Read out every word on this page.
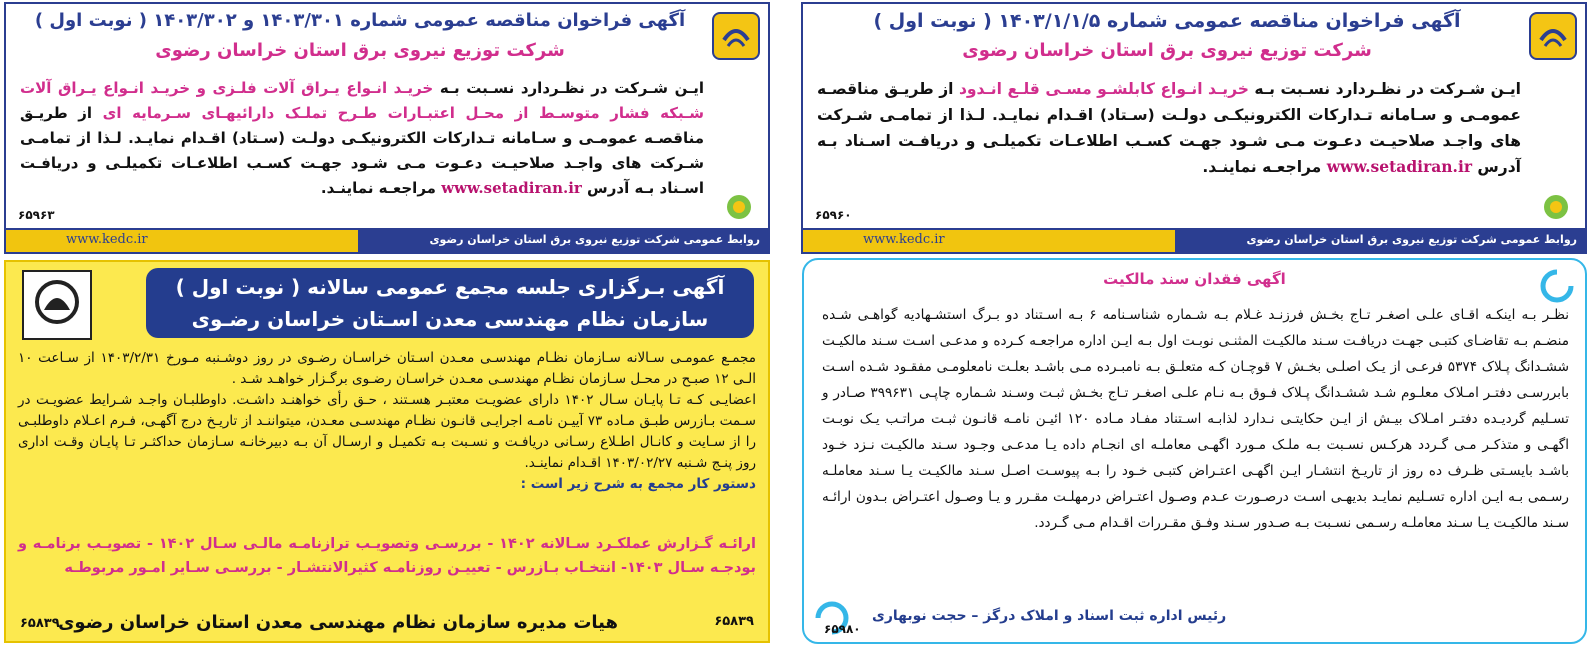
آگهی فراخوان مناقصه عمومی شماره ۱۴۰۳/۱/۱/۵ ( نوبت اول )
شرکت توزیع نیروی برق استان خراسان رضوی
ایـن شـرکت در نظـردارد نسـبت بـه خریـد انـواع کابلشـو مسـی قلـع انـدود از طریـق مناقصـه عمومـی و سـامانه تـدارکات الکترونیکـی دولـت (سـتاد) اقـدام نمایـد. لـذا از تمامـی شـرکت های واجـد صلاحیـت دعـوت مـی شـود جهـت کسـب اطلاعـات تکمیلـی و دریافـت اسـناد بـه آدرس www.setadiran.ir مراجعـه نماینـد.
۶۵۹۶۰
روابط عمومی شرکت توزیع نیروی برق استان خراسان رضوی
www.kedc.ir
آگهی فراخوان مناقصه عمومی شماره ۱۴۰۳/۳۰۱ و ۱۴۰۳/۳۰۲ ( نوبت اول )
شرکت توزیع نیروی برق استان خراسان رضوی
ایـن شـرکت در نظـردارد نسـبت بـه خریـد انـواع یـراق آلات فلـزی و خریـد انـواع یـراق آلات شـبکه فشار متوسـط از محـل اعتبـارات طـرح تملـک دارائیهـای سـرمایه ای از طریـق مناقصـه عمومـی و سـامانه تـدارکات الکترونیکـی دولـت (سـتاد) اقـدام نمایـد. لـذا از تمامـی شـرکت های واجـد صلاحیـت دعـوت مـی شـود جهـت کسـب اطلاعـات تکمیلـی و دریافـت اسـناد بـه آدرس www.setadiran.ir مراجعـه نماینـد.
۶۵۹۶۳
روابط عمومی شرکت توزیع نیروی برق استان خراسان رضوی
www.kedc.ir
آگهی بـرگزاری جلسه مجمع عمومی سالانه ( نوبت اول )
سازمان نظام مهندسی معدن اسـتان خراسان رضـوی
مجمـع عمومـی سـالانه سـازمان نظـام مهندسـی معـدن اسـتان خراسـان رضـوی در روز دوشـنبه مـورخ ۱۴۰۳/۲/۳۱ از سـاعت ۱۰ الـی ۱۲ صبـح در محـل سـازمان نظـام مهندسـی معـدن خراسـان رضـوی برگـزار خواهـد شـد .
اعضایـی کـه تـا پایـان سـال ۱۴۰۲ دارای عضویـت معتبـر هسـتند ، حـق رأی خواهنـد داشـت. داوطلبـان واجـد شـرایط عضویـت در سـمت بـازرس طبـق مـاده ۷۳ آییـن نامـه اجرایـی قانـون نظـام مهندسـی معـدن، میتواننـد از تاریـخ درج آگهـی، فـرم اعـلام داوطلبـی را از سـایت و کانـال اطـلاع رسـانی دریافـت و نسـبت بـه تکمیـل و ارسـال آن بـه دبیرخانـه سـازمان حداکثـر تـا پایـان وقـت اداری روز پنـج شـنبه ۱۴۰۳/۰۲/۲۷ اقـدام نماینـد.
دستور کار مجمع به شرح زیر است :
ارائـه گـزارش عملکـرد سـالانه ۱۴۰۲ - بررسـی وتصویـب ترازنامـه مالـی سـال ۱۴۰۲ - تصویـب برنامـه و بودجـه سـال ۱۴۰۳- انتخـاب بـازرس - تعییـن روزنامـه کثیرالانتشـار - بررسـی سـایر امـور مربوطـه
هیات مدیره سازمان نظام مهندسی معدن استان خراسان رضوی
۶۵۸۳۹	۶۵۸۳۹
اگهی فقدان سند مالکیت
نظـر بـه اینکـه اقـای علـی اصغـر تـاج بخـش فرزنـد غـلام بـه شـماره شناسـنامه ۶ بـه اسـتناد دو بـرگ استشـهادیه گواهـی شـده منضـم بـه تقاضـای کتبـی جهـت دریافـت سـند مالکیـت المثنـی نوبـت اول بـه ایـن اداره مراجعـه کـرده و مدعـی اسـت سـند مالکیـت ششـدانگ پـلاک ۵۳۷۴ فرعـی از یـک اصلـی بخـش ۷ قوچـان کـه متعلـق بـه نامبـرده مـی باشـد بعلـت نامعلومـی مفقـود شـده اسـت بابررسـی دفتـر امـلاک معلـوم شـد ششـدانگ پـلاک فـوق بـه نـام علـی اصغـر تـاج بخـش ثبـت وسـند شـماره چاپـی ۳۹۹۶۳۱ صـادر و تسـلیم گردیـده دفتـر امـلاک بیـش از ایـن حکایتـی نـدارد لذابـه اسـتناد مفـاد مـاده ۱۲۰ ائیـن نامـه قانـون ثبـت مراتـب یـک نوبـت اگهـی و متذکـر مـی گـردد هرکـس نسـبت بـه ملـک مـورد اگهـی معاملـه ای انجـام داده یـا مدعـی وجـود سـند مالکیـت نـزد خـود باشـد بایسـتی ظـرف ده روز از تاریـخ انتشـار ایـن اگهـی اعتـراض کتبـی خـود را بـه پیوسـت اصـل سـند مالکیـت یـا سـند معاملـه رسـمی بـه ایـن اداره تسـلیم نمایـد بدیهـی اسـت درصـورت عـدم وصـول اعتـراض درمهلـت مقـرر و یـا وصـول اعتـراض بـدون ارائـه سـند مالکیـت یـا سـند معاملـه رسـمی نسـبت بـه صـدور سـند وفـق مقـررات اقـدام مـی گـردد.
رئیس اداره ثبت اسناد و املاک درگز – حجت نوبهاری
۶۵۹۸۰
